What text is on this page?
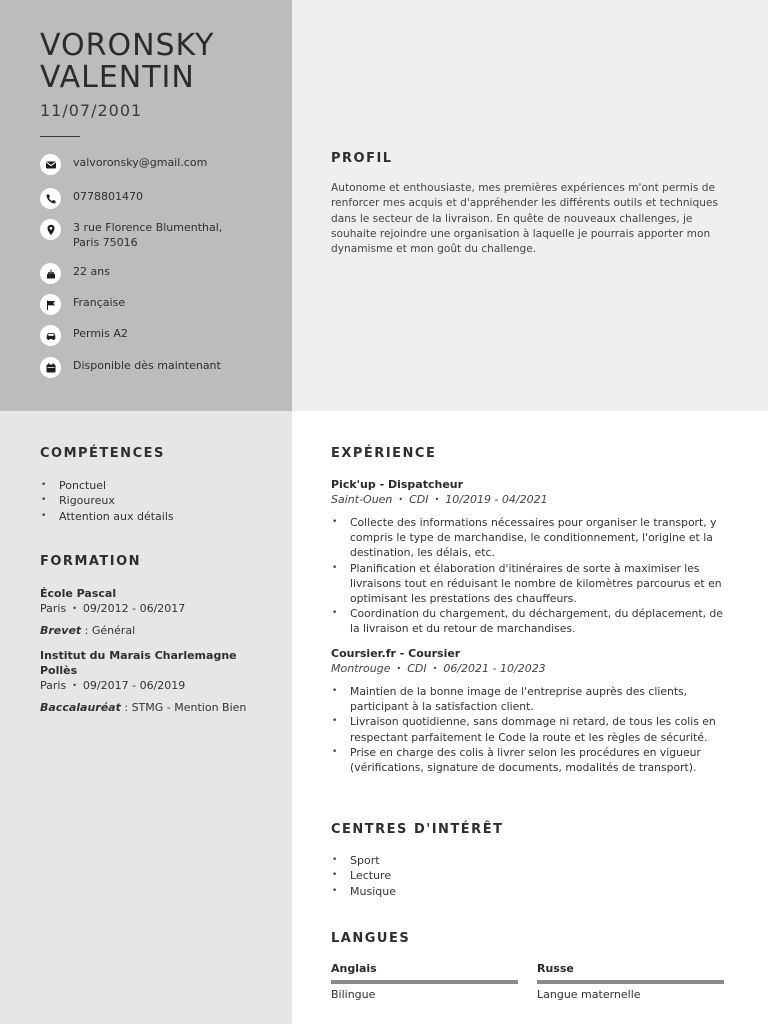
VORONSKY
VALENTIN
11/07/2001
valvoronsky@gmail.com
0778801470
3 rue Florence Blumenthal,
Paris 75016
22 ans
Française
Permis A2
Disponible dès maintenant
PROFIL

Autonome et enthousiaste, mes premières expériences m'ont permis de renforcer mes acquis et d'appréhender les différents outils et techniques dans le secteur de la livraison. En quête de nouveaux challenges, je souhaite rejoindre une organisation à laquelle je pourrais apporter mon dynamisme et mon goût du challenge.

COMPÉTENCES
• Ponctuel
• Rigoureux
• Attention aux détails
FORMATION
École Pascal
Paris • 09/2012 - 06/2017
Brevet : Général
Institut du Marais Charlemagne Pollès
Paris • 09/2017 - 06/2019
Baccalauréat : STMG - Mention Bien
EXPÉRIENCE
Pick'up - Dispatcheur
Saint-Ouen • CDI • 10/2019 - 04/2021
• Collecte des informations nécessaires pour organiser le transport, y compris le type de marchandise, le conditionnement, l'origine et la destination, les délais, etc.
• Planification et élaboration d'itinéraires de sorte à maximiser les livraisons tout en réduisant le nombre de kilomètres parcourus et en optimisant les prestations des chauffeurs.
• Coordination du chargement, du déchargement, du déplacement, de la livraison et du retour de marchandises.
Coursier.fr - Coursier
Montrouge • CDI • 06/2021 - 10/2023
• Maintien de la bonne image de l'entreprise auprès des clients, participant à la satisfaction client.
• Livraison quotidienne, sans dommage ni retard, de tous les colis en respectant parfaitement le Code la route et les règles de sécurité.
• Prise en charge des colis à livrer selon les procédures en vigueur (vérifications, signature de documents, modalités de transport).
CENTRES D'INTÉRÊT
• Sport
• Lecture
• Musique
LANGUES
Anglais
Bilingue
Russe
Langue maternelle
